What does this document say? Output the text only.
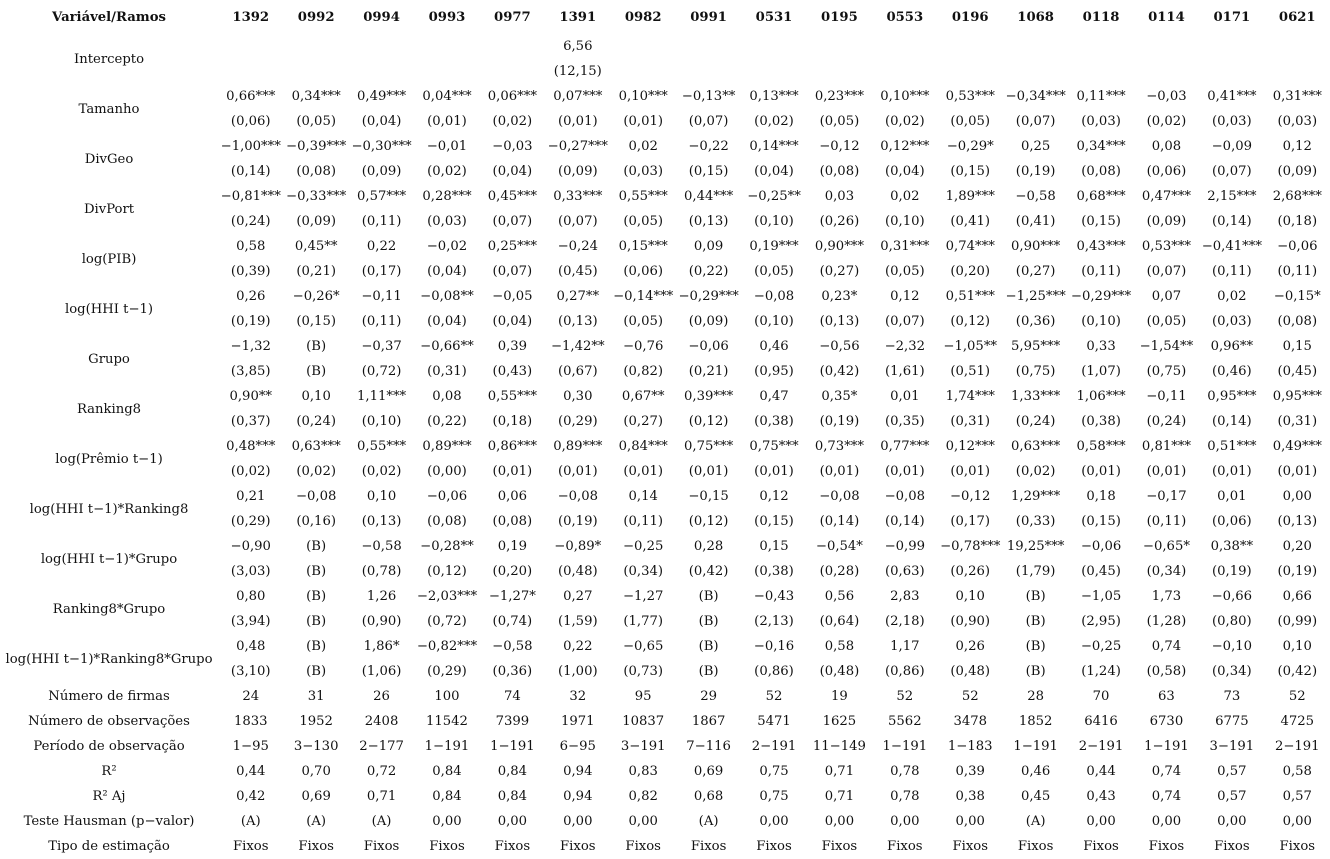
Variável/Ramos	1392	0992	0994	0993	0977	1391	0982	0991	0531	0195	0553	0196	1068	0118	0114	0171	0621
Intercepto						6,56											
						(12,15)											
Tamanho	0,66***	0,34***	0,49***	0,04***	0,06***	0,07***	0,10***	−0,13**	0,13***	0,23***	0,10***	0,53***	−0,34***	0,11***	−0,03	0,41***	0,31***
	(0,06)	(0,05)	(0,04)	(0,01)	(0,02)	(0,01)	(0,01)	(0,07)	(0,02)	(0,05)	(0,02)	(0,05)	(0,07)	(0,03)	(0,02)	(0,03)	(0,03)
DivGeo	−1,00***	−0,39***	−0,30***	−0,01	−0,03	−0,27***	0,02	−0,22	0,14***	−0,12	0,12***	−0,29*	0,25	0,34***	0,08	−0,09	0,12
	(0,14)	(0,08)	(0,09)	(0,02)	(0,04)	(0,09)	(0,03)	(0,15)	(0,04)	(0,08)	(0,04)	(0,15)	(0,19)	(0,08)	(0,06)	(0,07)	(0,09)
DivPort	−0,81***	−0,33***	0,57***	0,28***	0,45***	0,33***	0,55***	0,44***	−0,25**	0,03	0,02	1,89***	−0,58	0,68***	0,47***	2,15***	2,68***
	(0,24)	(0,09)	(0,11)	(0,03)	(0,07)	(0,07)	(0,05)	(0,13)	(0,10)	(0,26)	(0,10)	(0,41)	(0,41)	(0,15)	(0,09)	(0,14)	(0,18)
log(PIB)	0,58	0,45**	0,22	−0,02	0,25***	−0,24	0,15***	0,09	0,19***	0,90***	0,31***	0,74***	0,90***	0,43***	0,53***	−0,41***	−0,06
	(0,39)	(0,21)	(0,17)	(0,04)	(0,07)	(0,45)	(0,06)	(0,22)	(0,05)	(0,27)	(0,05)	(0,20)	(0,27)	(0,11)	(0,07)	(0,11)	(0,11)
log(HHI t−1)	0,26	−0,26*	−0,11	−0,08**	−0,05	0,27**	−0,14***	−0,29***	−0,08	0,23*	0,12	0,51***	−1,25***	−0,29***	0,07	0,02	−0,15*
	(0,19)	(0,15)	(0,11)	(0,04)	(0,04)	(0,13)	(0,05)	(0,09)	(0,10)	(0,13)	(0,07)	(0,12)	(0,36)	(0,10)	(0,05)	(0,03)	(0,08)
Grupo	−1,32	(B)	−0,37	−0,66**	0,39	−1,42**	−0,76	−0,06	0,46	−0,56	−2,32	−1,05**	5,95***	0,33	−1,54**	0,96**	0,15
	(3,85)	(B)	(0,72)	(0,31)	(0,43)	(0,67)	(0,82)	(0,21)	(0,95)	(0,42)	(1,61)	(0,51)	(0,75)	(1,07)	(0,75)	(0,46)	(0,45)
Ranking8	0,90**	0,10	1,11***	0,08	0,55***	0,30	0,67**	0,39***	0,47	0,35*	0,01	1,74***	1,33***	1,06***	−0,11	0,95***	0,95***
	(0,37)	(0,24)	(0,10)	(0,22)	(0,18)	(0,29)	(0,27)	(0,12)	(0,38)	(0,19)	(0,35)	(0,31)	(0,24)	(0,38)	(0,24)	(0,14)	(0,31)
log(Prêmio t−1)	0,48***	0,63***	0,55***	0,89***	0,86***	0,89***	0,84***	0,75***	0,75***	0,73***	0,77***	0,12***	0,63***	0,58***	0,81***	0,51***	0,49***
	(0,02)	(0,02)	(0,02)	(0,00)	(0,01)	(0,01)	(0,01)	(0,01)	(0,01)	(0,01)	(0,01)	(0,01)	(0,02)	(0,01)	(0,01)	(0,01)	(0,01)
log(HHI t−1)*Ranking8	0,21	−0,08	0,10	−0,06	0,06	−0,08	0,14	−0,15	0,12	−0,08	−0,08	−0,12	1,29***	0,18	−0,17	0,01	0,00
	(0,29)	(0,16)	(0,13)	(0,08)	(0,08)	(0,19)	(0,11)	(0,12)	(0,15)	(0,14)	(0,14)	(0,17)	(0,33)	(0,15)	(0,11)	(0,06)	(0,13)
log(HHI t−1)*Grupo	−0,90	(B)	−0,58	−0,28**	0,19	−0,89*	−0,25	0,28	0,15	−0,54*	−0,99	−0,78***	19,25***	−0,06	−0,65*	0,38**	0,20
	(3,03)	(B)	(0,78)	(0,12)	(0,20)	(0,48)	(0,34)	(0,42)	(0,38)	(0,28)	(0,63)	(0,26)	(1,79)	(0,45)	(0,34)	(0,19)	(0,19)
Ranking8*Grupo	0,80	(B)	1,26	−2,03***	−1,27*	0,27	−1,27	(B)	−0,43	0,56	2,83	0,10	(B)	−1,05	1,73	−0,66	0,66
	(3,94)	(B)	(0,90)	(0,72)	(0,74)	(1,59)	(1,77)	(B)	(2,13)	(0,64)	(2,18)	(0,90)	(B)	(2,95)	(1,28)	(0,80)	(0,99)
log(HHI t−1)*Ranking8*Grupo	0,48	(B)	1,86*	−0,82***	−0,58	0,22	−0,65	(B)	−0,16	0,58	1,17	0,26	(B)	−0,25	0,74	−0,10	0,10
	(3,10)	(B)	(1,06)	(0,29)	(0,36)	(1,00)	(0,73)	(B)	(0,86)	(0,48)	(0,86)	(0,48)	(B)	(1,24)	(0,58)	(0,34)	(0,42)
Número de firmas	24	31	26	100	74	32	95	29	52	19	52	52	28	70	63	73	52
Número de observações	1833	1952	2408	11542	7399	1971	10837	1867	5471	1625	5562	3478	1852	6416	6730	6775	4725
Período de observação	1−95	3−130	2−177	1−191	1−191	6−95	3−191	7−116	2−191	11−149	1−191	1−183	1−191	2−191	1−191	3−191	2−191
R²	0,44	0,70	0,72	0,84	0,84	0,94	0,83	0,69	0,75	0,71	0,78	0,39	0,46	0,44	0,74	0,57	0,58
R² Aj	0,42	0,69	0,71	0,84	0,84	0,94	0,82	0,68	0,75	0,71	0,78	0,38	0,45	0,43	0,74	0,57	0,57
Teste Hausman (p−valor)	(A)	(A)	(A)	0,00	0,00	0,00	0,00	(A)	0,00	0,00	0,00	0,00	(A)	0,00	0,00	0,00	0,00
Tipo de estimação	Fixos	Fixos	Fixos	Fixos	Fixos	Fixos	Fixos	Fixos	Fixos	Fixos	Fixos	Fixos	Fixos	Fixos	Fixos	Fixos	Fixos
